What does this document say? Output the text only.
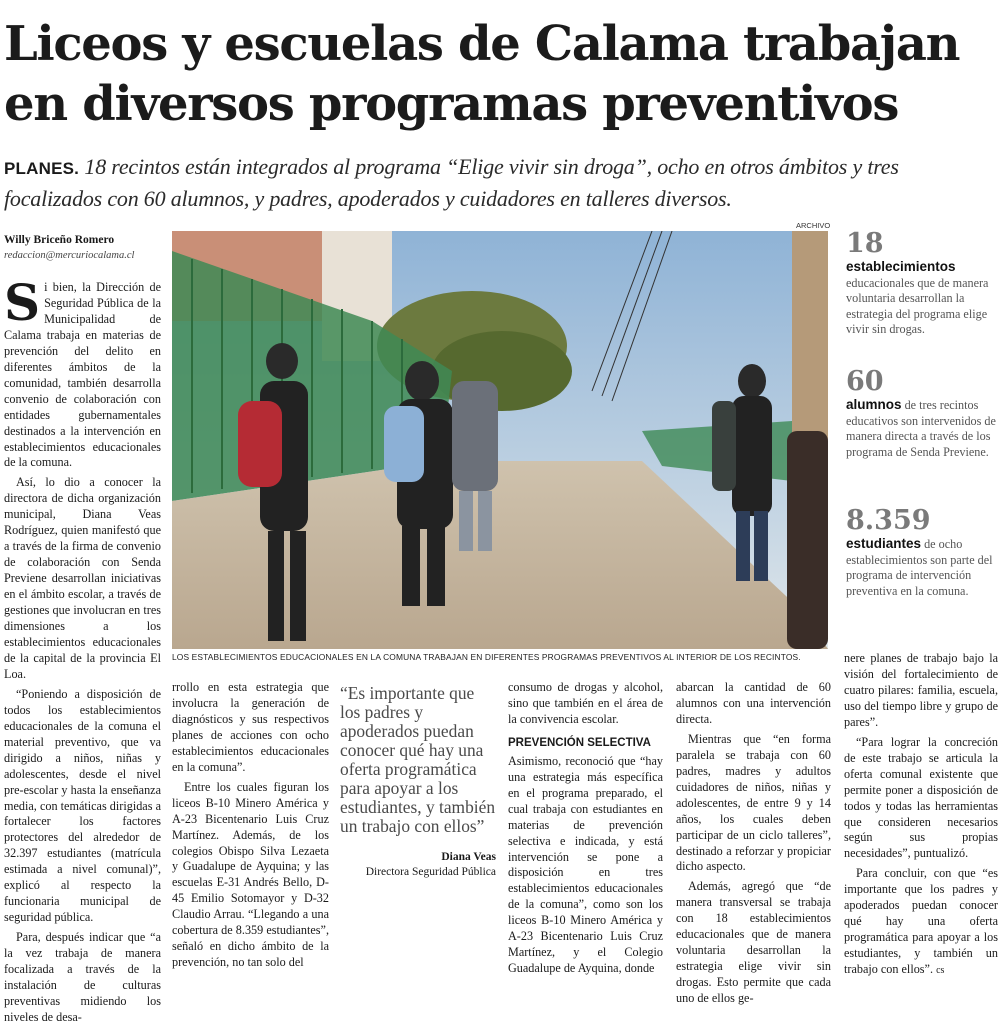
Liceos y escuelas de Calama trabajan en diversos programas preventivos

PLANES. 18 recintos están integrados al programa “Elige vivir sin droga”, ocho en otros ámbitos y tres focalizados con 60 alumnos, y padres, apoderados y cuidadores en talleres diversos.

Willy Briceño Romero
redaccion@mercuriocalama.cl

Si bien, la Dirección de Seguridad Pública de la Municipalidad de Calama trabaja en materias de prevención del delito en diferentes ámbitos de la comunidad, también desarrolla convenio de colaboración con entidades gubernamentales destinados a la intervención en establecimientos educacionales de la comuna.

Así, lo dio a conocer la directora de dicha organización municipal, Diana Veas Rodríguez, quien manifestó que a través de la firma de convenio de colaboración con Senda Previene desarrollan iniciativas en el ámbito escolar, a través de gestiones que involucran en tres dimensiones a los establecimientos educacionales de la capital de la provincia El Loa.

“Poniendo a disposición de todos los establecimientos educacionales de la comuna el material preventivo, que va dirigido a niños, niñas y adolescentes, desde el nivel pre-escolar y hasta la enseñanza media, con temáticas dirigidas a fortalecer los factores protectores del alrededor de 32.397 estudiantes (matrícula estimada a nivel comunal)”, explicó al respecto la funcionaria municipal de seguridad pública.

Para, después indicar que “a la vez trabaja de manera focalizada a través de la instalación de culturas preventivas midiendo los niveles de desa-

ARCHIVO
LOS ESTABLECIMIENTOS EDUCACIONALES EN LA COMUNA TRABAJAN EN DIFERENTES PROGRAMAS PREVENTIVOS AL INTERIOR DE LOS RECINTOS.
18
establecimientos educacionales que de manera voluntaria desarrollan la estrategia del programa elige vivir sin drogas.
60
alumnos de tres recintos educativos son intervenidos de manera directa a través de los programa de Senda Previene.
8.359
estudiantes de ocho establecimientos son parte del programa de intervención preventiva en la comuna.

rrollo en esta estrategia que involucra la generación de diagnósticos y sus respectivos planes de acciones con ocho establecimientos educacionales en la comuna”.

Entre los cuales figuran los liceos B-10 Minero América y A-23 Bicentenario Luis Cruz Martínez. Además, de los colegios Obispo Silva Lezaeta y Guadalupe de Ayquina; y las escuelas E-31 Andrés Bello, D-45 Emilio Sotomayor y D-32 Claudio Arrau. “Llegando a una cobertura de 8.359 estudiantes”, señaló en dicho ámbito de la prevención, no tan solo del

“Es importante que los padres y apoderados puedan conocer qué hay una oferta programática para apoyar a los estudiantes, y también un trabajo con ellos”

Diana Veas
Directora Seguridad Pública

consumo de drogas y alcohol, sino que también en el área de la convivencia escolar.

PREVENCIÓN SELECTIVA

Asimismo, reconoció que “hay una estrategia más específica en el programa preparado, el cual trabaja con estudiantes en materias de prevención selectiva e indicada, y está intervención se pone a disposición en tres establecimientos educacionales de la comuna”, como son los liceos B-10 Minero América y A-23 Bicentenario Luis Cruz Martínez, y el Colegio Guadalupe de Ayquina, donde

abarcan la cantidad de 60 alumnos con una intervención directa.

Mientras que “en forma paralela se trabaja con 60 padres, madres y adultos cuidadores de niños, niñas y adolescentes, de entre 9 y 14 años, los cuales deben participar de un ciclo talleres”, destinado a reforzar y propiciar dicho aspecto.

Además, agregó que “de manera transversal se trabaja con 18 establecimientos educacionales que de manera voluntaria desarrollan la estrategia elige vivir sin drogas. Esto permite que cada uno de ellos ge-

nere planes de trabajo bajo la visión del fortalecimiento de cuatro pilares: familia, escuela, uso del tiempo libre y grupo de pares”.

“Para lograr la concreción de este trabajo se articula la oferta comunal existente que permite poner a disposición de todos y todas las herramientas que consideren necesarios según sus propias necesidades”, puntualizó.

Para concluir, con que “es importante que los padres y apoderados puedan conocer qué hay una oferta programática para apoyar a los estudiantes, y también un trabajo con ellos”. cs
